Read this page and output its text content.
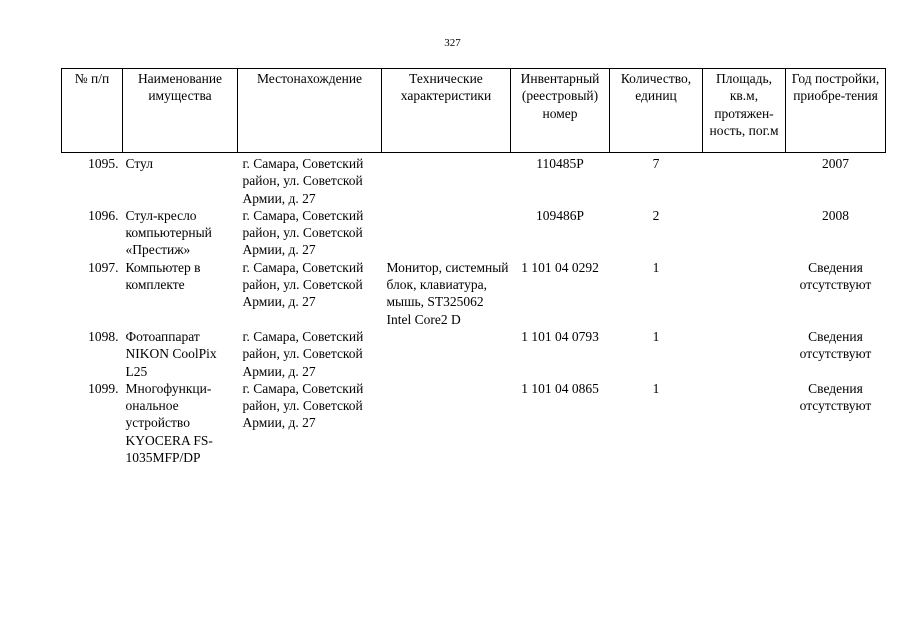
327
№ п/п	Наименование имущества	Местонахождение	Технические характеристики	Инвентарный (реестровый) номер	Количество, единиц	Площадь, кв.м, протяжен-ность, пог.м	Год постройки, приобре-тения

1095.	Стул	г. Самара, Советский район, ул. Советской Армии, д. 27		110485Р	7		2007
1096.	Стул-кресло компьютерный «Престиж»	г. Самара, Советский район, ул. Советской Армии, д. 27		109486Р	2		2008
1097.	Компьютер в комплекте	г. Самара, Советский район, ул. Советской Армии, д. 27	Монитор, системный блок, клавиатура, мышь, ST325062 Intel Core2 D	1 101 04 0292	1		Сведения отсутствуют
1098.	Фотоаппарат NIKON CoolPix L25	г. Самара, Советский район, ул. Советской Армии, д. 27		1 101 04 0793	1		Сведения отсутствуют
1099.	Многофункци-ональное устройство KYOCERA FS-1035MFP/DP	г. Самара, Советский район, ул. Советской Армии, д. 27		1 101 04 0865	1		Сведения отсутствуют
